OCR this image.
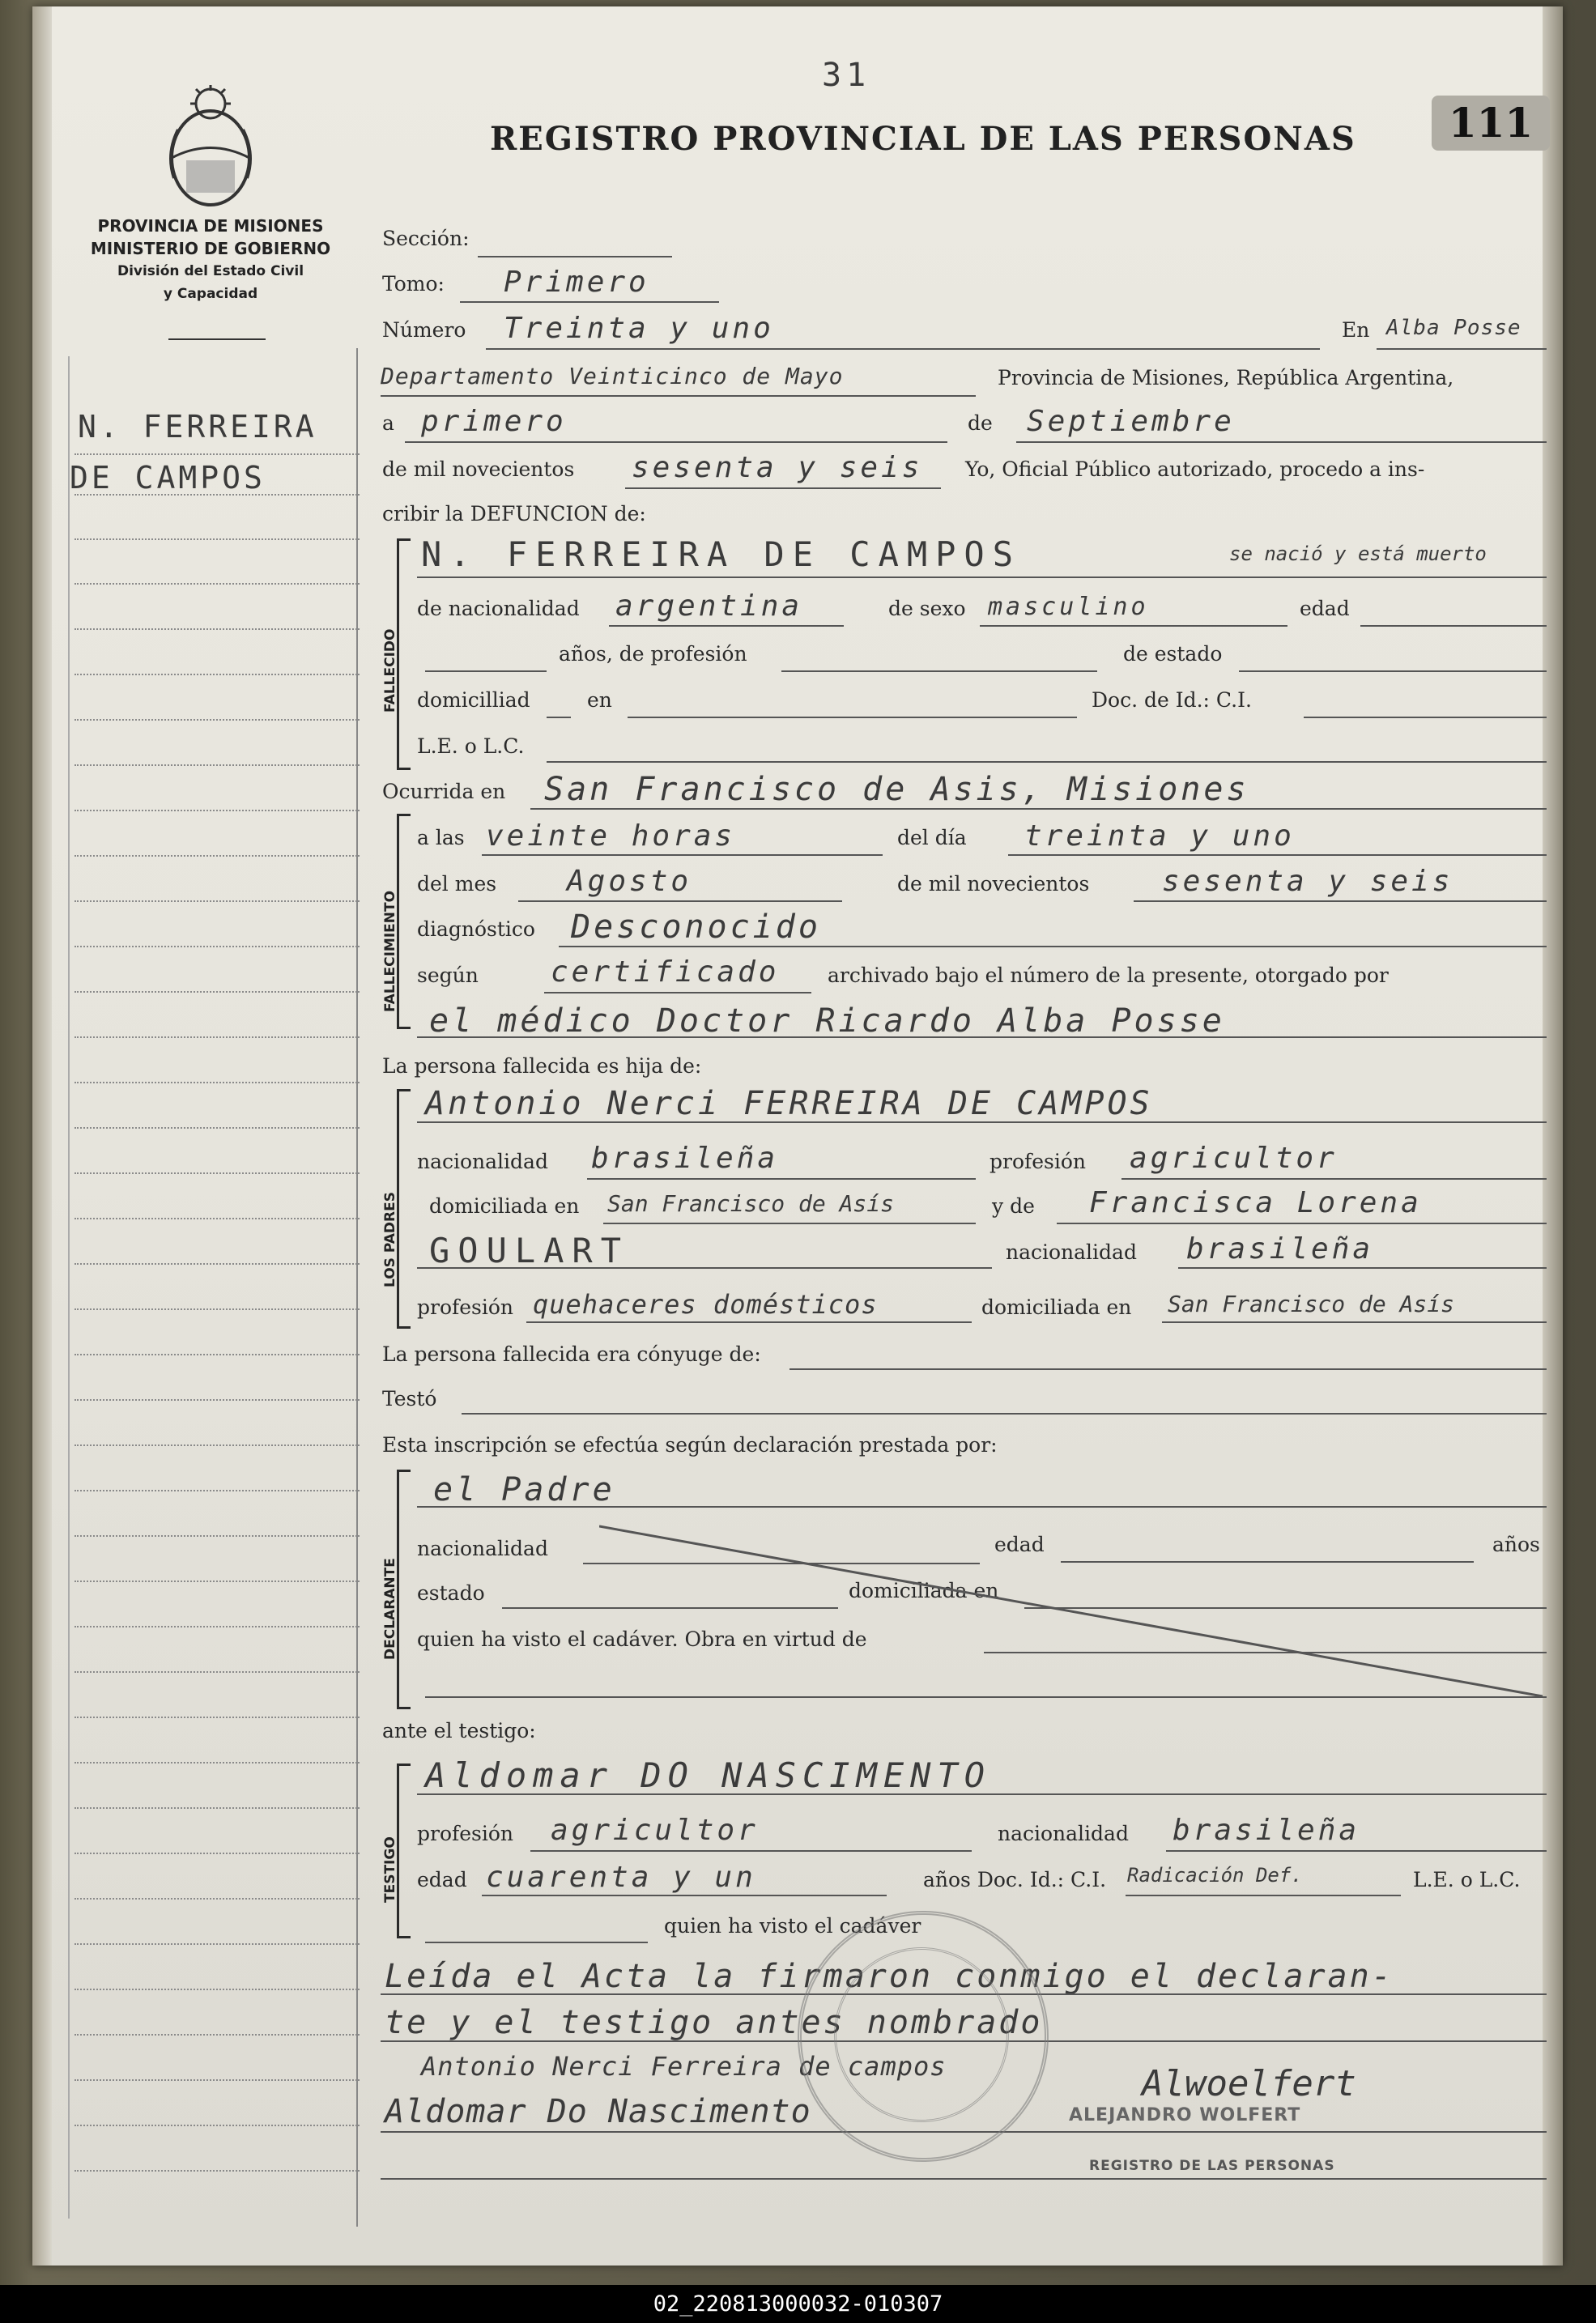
PROVINCIA DE MISIONES
MINISTERIO DE GOBIERNO
División del Estado Civil
y Capacidad
31
REGISTRO PROVINCIAL DE LAS PERSONAS	111
N. FERREIRA
DE CAMPOS
Sección:
Tomo: Primero
Número Treinta y uno	En Alba Posse
Departamento Veinticinco de Mayo	Provincia de Misiones, República Argentina,
a primero	de Septiembre
de mil novecientos sesenta y seis Yo, Oficial Público autorizado, procedo a ins-
cribir la DEFUNCION de:
FALLECIDO
N. FERREIRA DE CAMPOS	se nació y está muerto
de nacionalidad argentina	de sexo masculino	edad
años, de profesión	de estado
domicilliad	en	Doc. de Id.: C.I.
L.E. o L.C.
Ocurrida en San Francisco de Asis, Misiones
FALLECIMIENTO
a las veinte horas	del día treinta y uno
del mes Agosto	de mil novecientos sesenta y seis
diagnóstico Desconocido
según certificado archivado bajo el número de la presente, otorgado por
el médico Doctor Ricardo Alba Posse
La persona fallecida es hija de:
LOS PADRES
Antonio Nerci FERREIRA DE CAMPOS
nacionalidad brasileña	profesión agricultor
domiciliada en San Francisco de Asís	y de Francisca Lorena
GOULART	nacionalidad brasileña
profesión quehaceres domésticos	domiciliada en San Francisco de Asís
La persona fallecida era cónyuge de:
Testó
Esta inscripción se efectúa según declaración prestada por:
DECLARANTE
el Padre
nacionalidad	edad	años
estado	domiciliada en
quien ha visto el cadáver. Obra en virtud de
ante el testigo:
TESTIGO
Aldomar DO NASCIMENTO
profesión agricultor	nacionalidad brasileña
edad cuarenta y un	años Doc. Id.: C.I. Radicación Def.	L.E. o L.C.
quien ha visto el cadáver
Leída el Acta la firmaron conmigo el declaran-
te y el testigo antes nombrado
Antonio Nerci Ferreira de campos
Aldomar Do Nascimento
Alwoelfert
ALEJANDRO WOLFERT
REGISTRO DE LAS PERSONAS
02_220813000032-010307
